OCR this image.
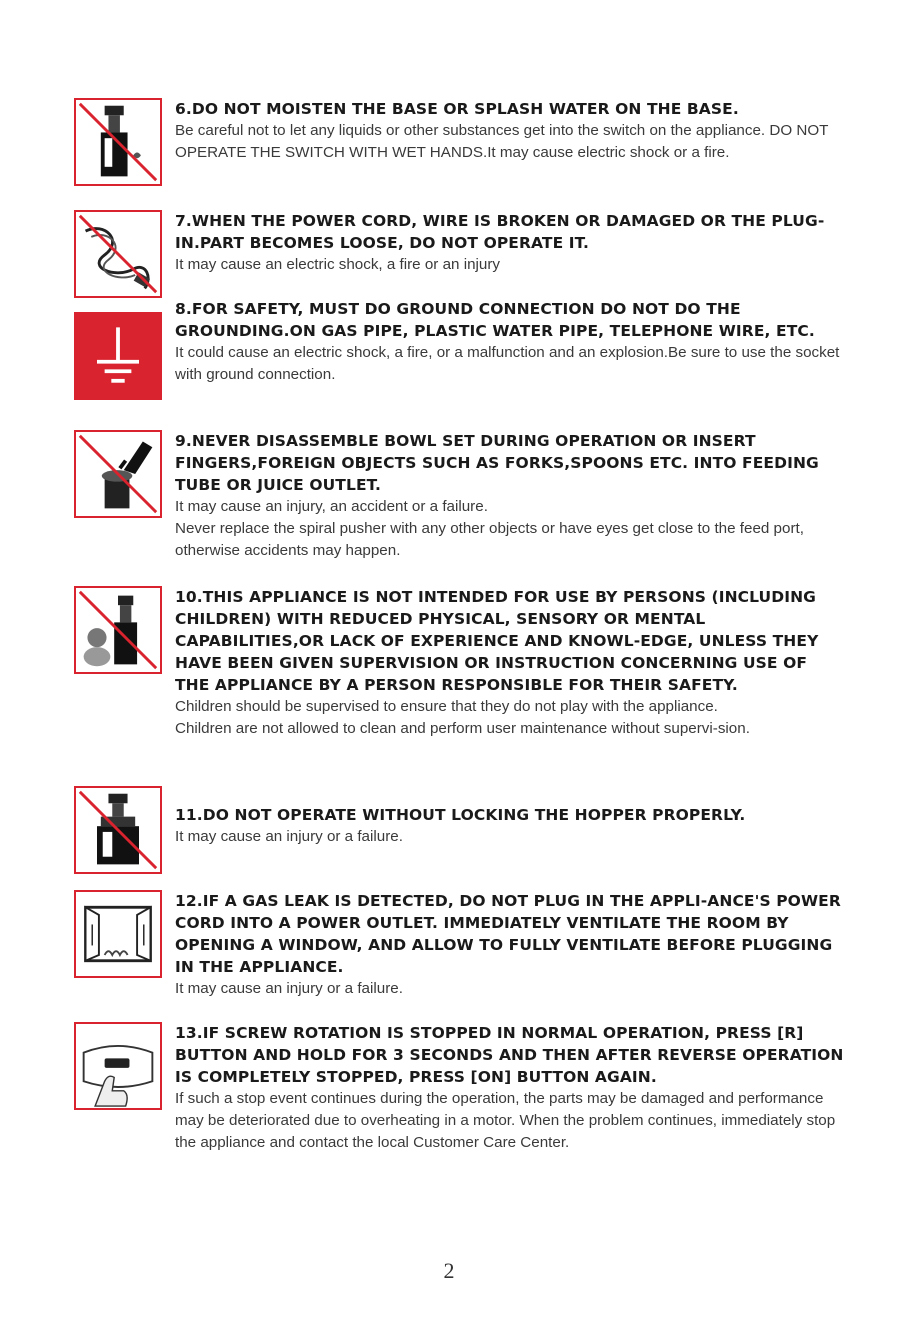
6.DO NOT MOISTEN THE BASE OR SPLASH WATER ON THE BASE.

Be careful not to let any liquids or other substances get into the switch on the appliance. DO NOT OPERATE THE SWITCH WITH WET HANDS.It may cause electric shock or a fire.

7.WHEN THE POWER CORD, WIRE IS BROKEN OR DAMAGED OR THE PLUG-IN.PART BECOMES LOOSE, DO NOT OPERATE IT.

It may cause an electric shock, a fire or an injury

8.FOR SAFETY, MUST DO GROUND CONNECTION DO NOT DO THE GROUNDING.ON GAS PIPE, PLASTIC WATER PIPE, TELEPHONE WIRE, ETC.

It could cause an electric shock, a fire, or a malfunction and an explosion.Be sure to use the socket with ground connection.

9.NEVER DISASSEMBLE BOWL SET DURING OPERATION OR INSERT FINGERS,FOREIGN OBJECTS SUCH AS FORKS,SPOONS ETC. INTO FEEDING TUBE OR JUICE OUTLET.

It may cause an injury, an accident or a failure.

Never replace the spiral pusher with any other objects or have eyes get close to the feed port, otherwise accidents may happen.

10.THIS APPLIANCE IS NOT INTENDED FOR USE BY PERSONS (INCLUDING CHILDREN) WITH REDUCED PHYSICAL, SENSORY OR MENTAL CAPABILITIES,OR LACK OF EXPERIENCE AND KNOWL-EDGE, UNLESS THEY HAVE BEEN GIVEN SUPERVISION OR INSTRUCTION CONCERNING USE OF THE APPLIANCE BY A PERSON RESPONSIBLE FOR THEIR SAFETY.

Children should be supervised to ensure that they do not play with the appliance.

Children are not allowed to clean and perform user maintenance without supervi-sion.

11.DO NOT OPERATE WITHOUT LOCKING THE HOPPER PROPERLY.

It may cause an injury or a failure.

12.IF A GAS LEAK IS DETECTED, DO NOT PLUG IN THE APPLI-ANCE'S POWER CORD INTO A POWER OUTLET. IMMEDIATELY VENTILATE THE ROOM BY OPENING A WINDOW, AND ALLOW TO FULLY VENTILATE BEFORE PLUGGING IN THE APPLIANCE.

It may cause an injury or a failure.

13.IF SCREW ROTATION IS STOPPED IN NORMAL OPERATION, PRESS [R] BUTTON AND HOLD FOR 3 SECONDS AND THEN AFTER REVERSE OPERATION IS COMPLETELY STOPPED, PRESS [ON] BUTTON AGAIN.

If such a stop event continues during the operation, the parts may be damaged and performance may be deteriorated due to overheating in a motor. When the problem continues, immediately stop the appliance and contact the local Customer Care Center.

2
